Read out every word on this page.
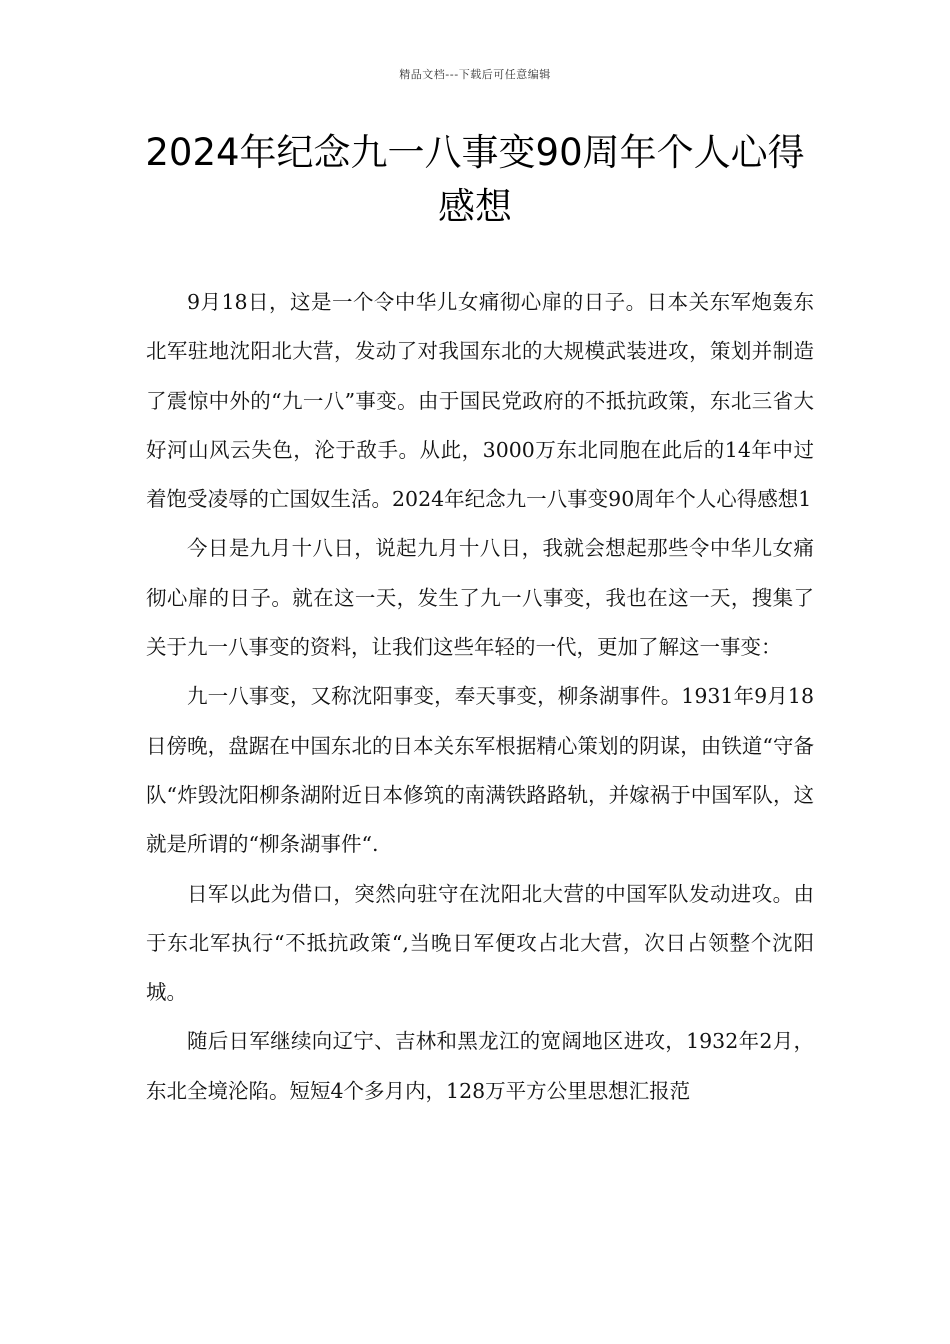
精品文档---下载后可任意编辑
2024年纪念九一八事变90周年个人心得感想

9月18日，这是一个令中华儿女痛彻心扉的日子。日本关东军炮轰东北军驻地沈阳北大营，发动了对我国东北的大规模武装进攻，策划并制造了震惊中外的“九一八”事变。由于国民党政府的不抵抗政策，东北三省大好河山风云失色，沦于敌手。从此，3000万东北同胞在此后的14年中过着饱受凌辱的亡国奴生活。2024年纪念九一八事变90周年个人心得感想1

今日是九月十八日，说起九月十八日，我就会想起那些令中华儿女痛彻心扉的日子。就在这一天，发生了九一八事变，我也在这一天，搜集了关于九一八事变的资料，让我们这些年轻的一代，更加了解这一事变：

九一八事变，又称沈阳事变，奉天事变，柳条湖事件。1931年9月18日傍晚，盘踞在中国东北的日本关东军根据精心策划的阴谋，由铁道“守备队“炸毁沈阳柳条湖附近日本修筑的南满铁路路轨，并嫁祸于中国军队，这就是所谓的“柳条湖事件“.

日军以此为借口，突然向驻守在沈阳北大营的中国军队发动进攻。由于东北军执行“不抵抗政策“,当晚日军便攻占北大营，次日占领整个沈阳城。

随后日军继续向辽宁、吉林和黑龙江的宽阔地区进攻，1932年2月，东北全境沦陷。短短4个多月内，128万平方公里思想汇报范
